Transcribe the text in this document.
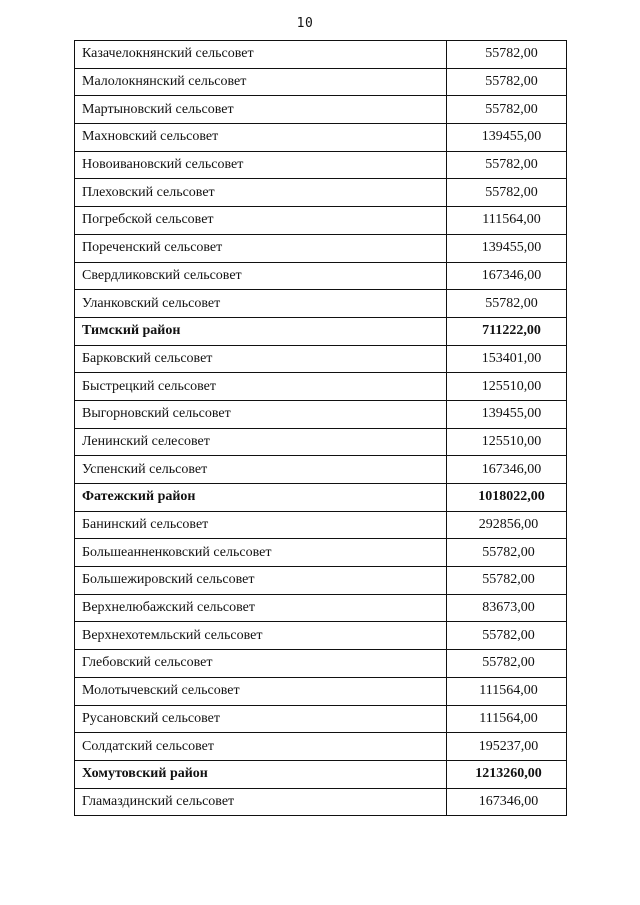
10
Казачелокнянский сельсовет	55782,00
Малолокнянский сельсовет	55782,00
Мартыновский сельсовет	55782,00
Махновский сельсовет	139455,00
Новоивановский сельсовет	55782,00
Плеховский сельсовет	55782,00
Погребской сельсовет	111564,00
Пореченский сельсовет	139455,00
Свердликовский сельсовет	167346,00
Уланковский сельсовет	55782,00
Тимский район	711222,00
Барковский сельсовет	153401,00
Быстрецкий сельсовет	125510,00
Выгорновский сельсовет	139455,00
Ленинский селесовет	125510,00
Успенский сельсовет	167346,00
Фатежский район	1018022,00
Банинский сельсовет	292856,00
Большеанненковский сельсовет	55782,00
Большежировский сельсовет	55782,00
Верхнелюбажский сельсовет	83673,00
Верхнехотемльский сельсовет	55782,00
Глебовский сельсовет	55782,00
Молотычевский сельсовет	111564,00
Русановский сельсовет	111564,00
Солдатский сельсовет	195237,00
Хомутовский район	1213260,00
Гламаздинский сельсовет	167346,00
